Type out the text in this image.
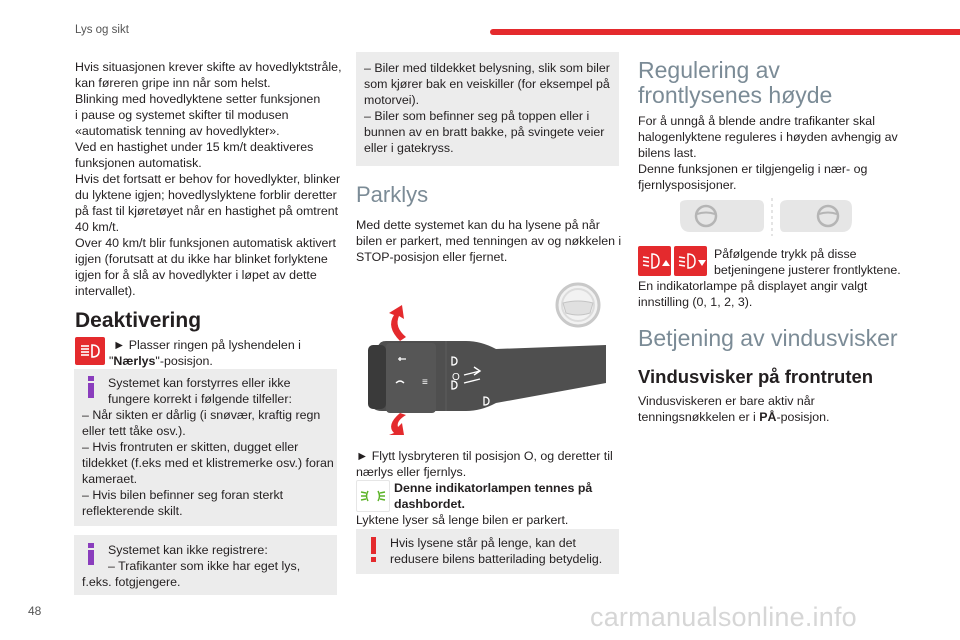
Lys og sikt

Hvis situasjonen krever skifte av hovedlyktstråle,

kan føreren gripe inn når som helst.

Blinking med hovedlyktene setter funksjonen

i pause og systemet skifter til modusen

«automatisk tenning av hovedlykter».

Ved en hastighet under 15 km/t deaktiveres

funksjonen automatisk.

Hvis det fortsatt er behov for hovedlykter, blinker

du lyktene igjen; hovedlyslyktene forblir deretter

på fast til kjøretøyet når en hastighet på omtrent

40 km/t.

Over 40 km/t blir funksjonen automatisk aktivert

igjen (forutsatt at du ikke har blinket forlyktene

igjen for å slå av hovedlykter i løpet av dette

intervallet).

Deaktivering

► Plasser ringen på lyshendelen i

"Nærlys"-posisjon.

Systemet kan forstyrres eller ikke

fungere korrekt i følgende tilfeller:

– Når sikten er dårlig (i snøvær, kraftig regn

eller tett tåke osv.).

– Hvis frontruten er skitten, dugget eller

tildekket (f.eks med et klistremerke osv.) foran

kameraet.

– Hvis bilen befinner seg foran sterkt

reflekterende skilt.

Systemet kan ikke registrere:

– Trafikanter som ikke har eget lys,

f.eks. fotgjengere.

– Biler med tildekket belysning, slik som biler

som kjører bak en veiskiller (for eksempel på

motorvei).

– Biler som befinner seg på toppen eller i

bunnen av en bratt bakke, på svingete veier

eller i gatekryss.

Parklys

Med dette systemet kan du ha lysene på når

bilen er parkert, med tenningen av og nøkkelen i

STOP-posisjon eller fjernet.

O
≡

► Flytt lysbryteren til posisjon O, og deretter til

nærlys eller fjernlys.

Denne indikatorlampen tennes på

dashbordet.

Lyktene lyser så lenge bilen er parkert.

Hvis lysene står på lenge, kan det

redusere bilens batterilading betydelig.

Regulering av
frontlysenes høyde

For å unngå å blende andre trafikanter skal

halogenlyktene reguleres i høyden avhengig av

bilens last.

Denne funksjonen er tilgjengelig i nær- og

fjernlysposisjoner.

Påfølgende trykk på disse

betjeningene justerer frontlyktene.

En indikatorlampe på displayet angir valgt

innstilling (0, 1, 2, 3).

Betjening av vindusvisker
Vindusvisker på frontruten

Vindusviskeren er bare aktiv når

tenningsnøkkelen er i PÅ-posisjon.

48	carmanualsonline.info
